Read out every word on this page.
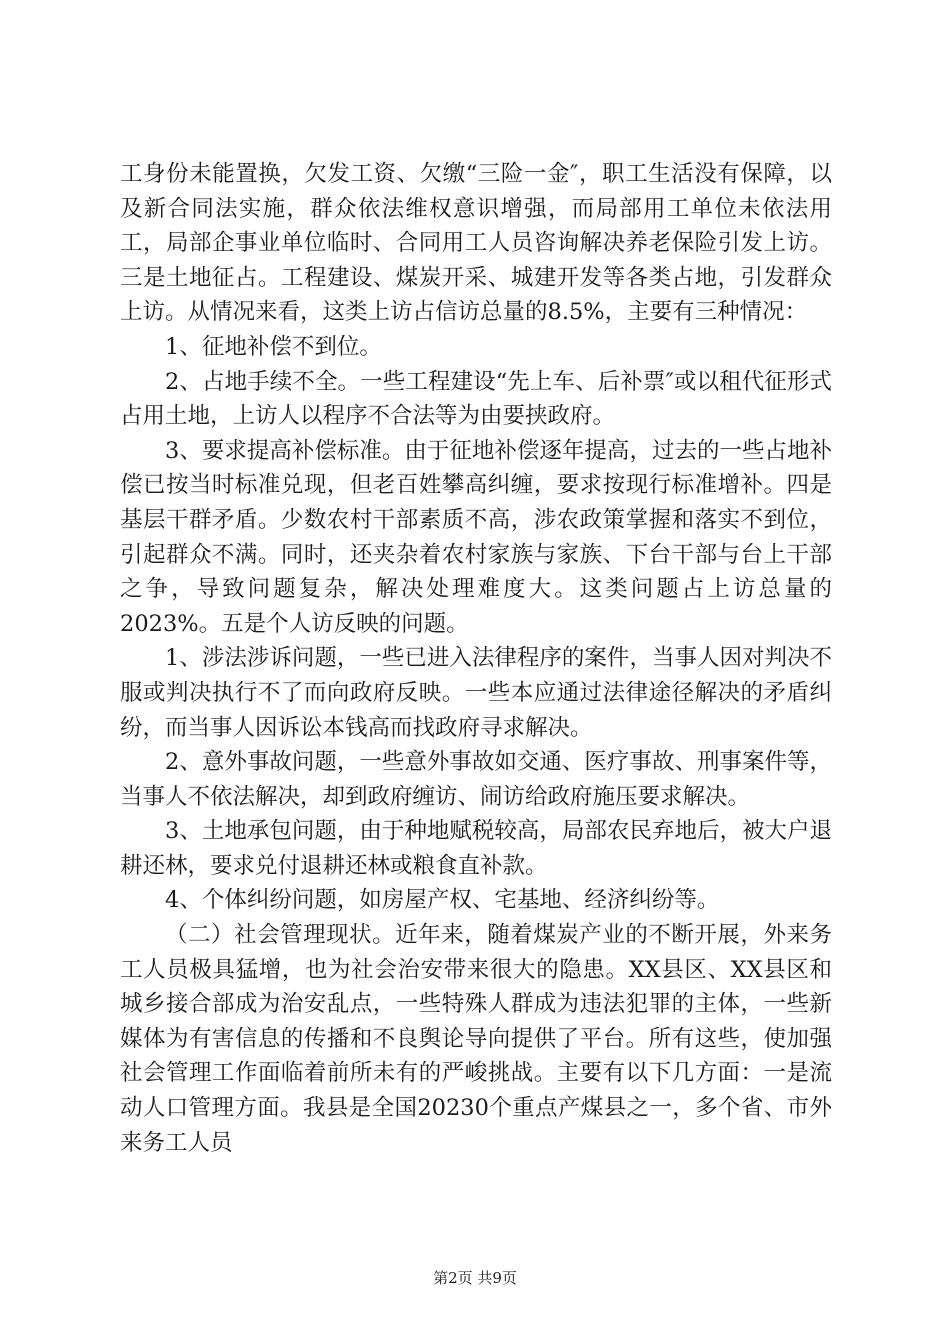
工身份未能置换，欠发工资、欠缴“三险一金″，职工生活没有保障，以及新合同法实施，群众依法维权意识增强，而局部用工单位未依法用工，局部企事业单位临时、合同用工人员咨询解决养老保险引发上访。三是土地征占。工程建设、煤炭开采、城建开发等各类占地，引发群众上访。从情况来看，这类上访占信访总量的8.5%，主要有三种情况：

1、征地补偿不到位。

2、占地手续不全。一些工程建设“先上车、后补票″或以租代征形式占用土地，上访人以程序不合法等为由要挟政府。

3、要求提高补偿标准。由于征地补偿逐年提高，过去的一些占地补偿已按当时标准兑现，但老百姓攀高纠缠，要求按现行标准增补。四是基层干群矛盾。少数农村干部素质不高，涉农政策掌握和落实不到位，引起群众不满。同时，还夹杂着农村家族与家族、下台干部与台上干部之争，导致问题复杂，解决处理难度大。这类问题占上访总量的2023%。五是个人访反映的问题。

1、涉法涉诉问题，一些已进入法律程序的案件，当事人因对判决不服或判决执行不了而向政府反映。一些本应通过法律途径解决的矛盾纠纷，而当事人因诉讼本钱高而找政府寻求解决。

2、意外事故问题，一些意外事故如交通、医疗事故、刑事案件等，当事人不依法解决，却到政府缠访、闹访给政府施压要求解决。

3、土地承包问题，由于种地赋税较高，局部农民弃地后，被大户退耕还林，要求兑付退耕还林或粮食直补款。

4、个体纠纷问题，如房屋产权、宅基地、经济纠纷等。

（二）社会管理现状。近年来，随着煤炭产业的不断开展，外来务工人员极具猛增，也为社会治安带来很大的隐患。XX县区、XX县区和城乡接合部成为治安乱点，一些特殊人群成为违法犯罪的主体，一些新媒体为有害信息的传播和不良舆论导向提供了平台。所有这些，使加强社会管理工作面临着前所未有的严峻挑战。主要有以下几方面：一是流动人口管理方面。我县是全国20230个重点产煤县之一，多个省、市外来务工人员

第2页 共9页
